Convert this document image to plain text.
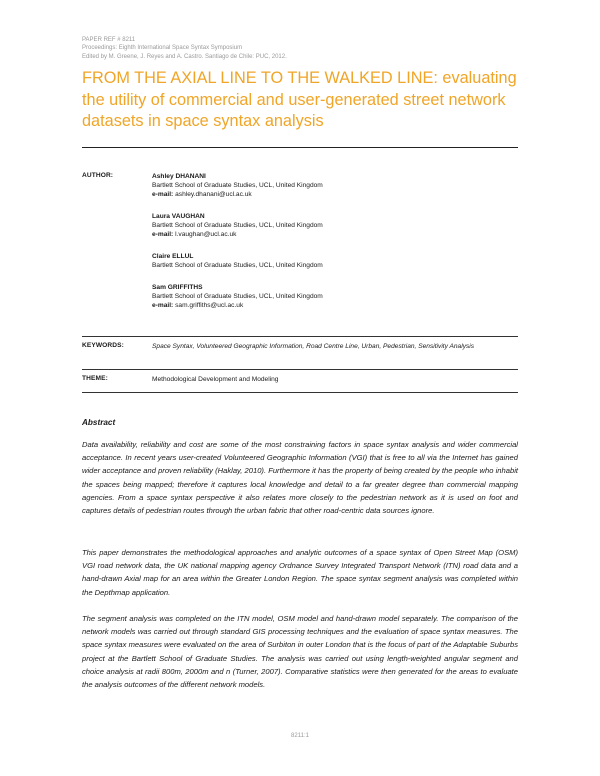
PAPER REF # 8211
Proceedings: Eighth International Space Syntax Symposium
Edited by M. Greene, J. Reyes and A. Castro. Santiago de Chile: PUC, 2012.
FROM THE AXIAL LINE TO THE WALKED LINE: evaluating the utility of commercial and user-generated street network datasets in space syntax analysis
AUTHOR:	Ashley DHANANI
Bartlett School of Graduate Studies, UCL, United Kingdom
e-mail: ashley.dhanani@ucl.ac.uk
Laura VAUGHAN
Bartlett School of Graduate Studies, UCL, United Kingdom
e-mail: l.vaughan@ucl.ac.uk
Claire ELLUL
Bartlett School of Graduate Studies, UCL, United Kingdom
Sam GRIFFITHS
Bartlett School of Graduate Studies, UCL, United Kingdom
e-mail: sam.griffiths@ucl.ac.uk
KEYWORDS:	Space Syntax, Volunteered Geographic Information, Road Centre Line, Urban, Pedestrian, Sensitivity Analysis
THEME:	Methodological Development and Modeling
Abstract
Data availability, reliability and cost are some of the most constraining factors in space syntax analysis and wider commercial acceptance. In recent years user-created Volunteered Geographic Information (VGI) that is free to all via the Internet has gained wider acceptance and proven reliability (Haklay, 2010). Furthermore it has the property of being created by the people who inhabit the spaces being mapped; therefore it captures local knowledge and detail to a far greater degree than commercial mapping agencies. From a space syntax perspective it also relates more closely to the pedestrian network as it is used on foot and captures details of pedestrian routes through the urban fabric that other road-centric data sources ignore.
This paper demonstrates the methodological approaches and analytic outcomes of a space syntax of Open Street Map (OSM) VGI road network data, the UK national mapping agency Ordnance Survey Integrated Transport Network (ITN) road data and a hand-drawn Axial map for an area within the Greater London Region. The space syntax segment analysis was completed within the Depthmap application.
The segment analysis was completed on the ITN model, OSM model and hand-drawn model separately. The comparison of the network models was carried out through standard GIS processing techniques and the evaluation of space syntax measures. The space syntax measures were evaluated on the area of Surbiton in outer London that is the focus of part of the Adaptable Suburbs project at the Bartlett School of Graduate Studies. The analysis was carried out using length-weighted angular segment and choice analysis at radii 800m, 2000m and n (Turner, 2007). Comparative statistics were then generated for the areas to evaluate the analysis outcomes of the different network models.
8211:1
